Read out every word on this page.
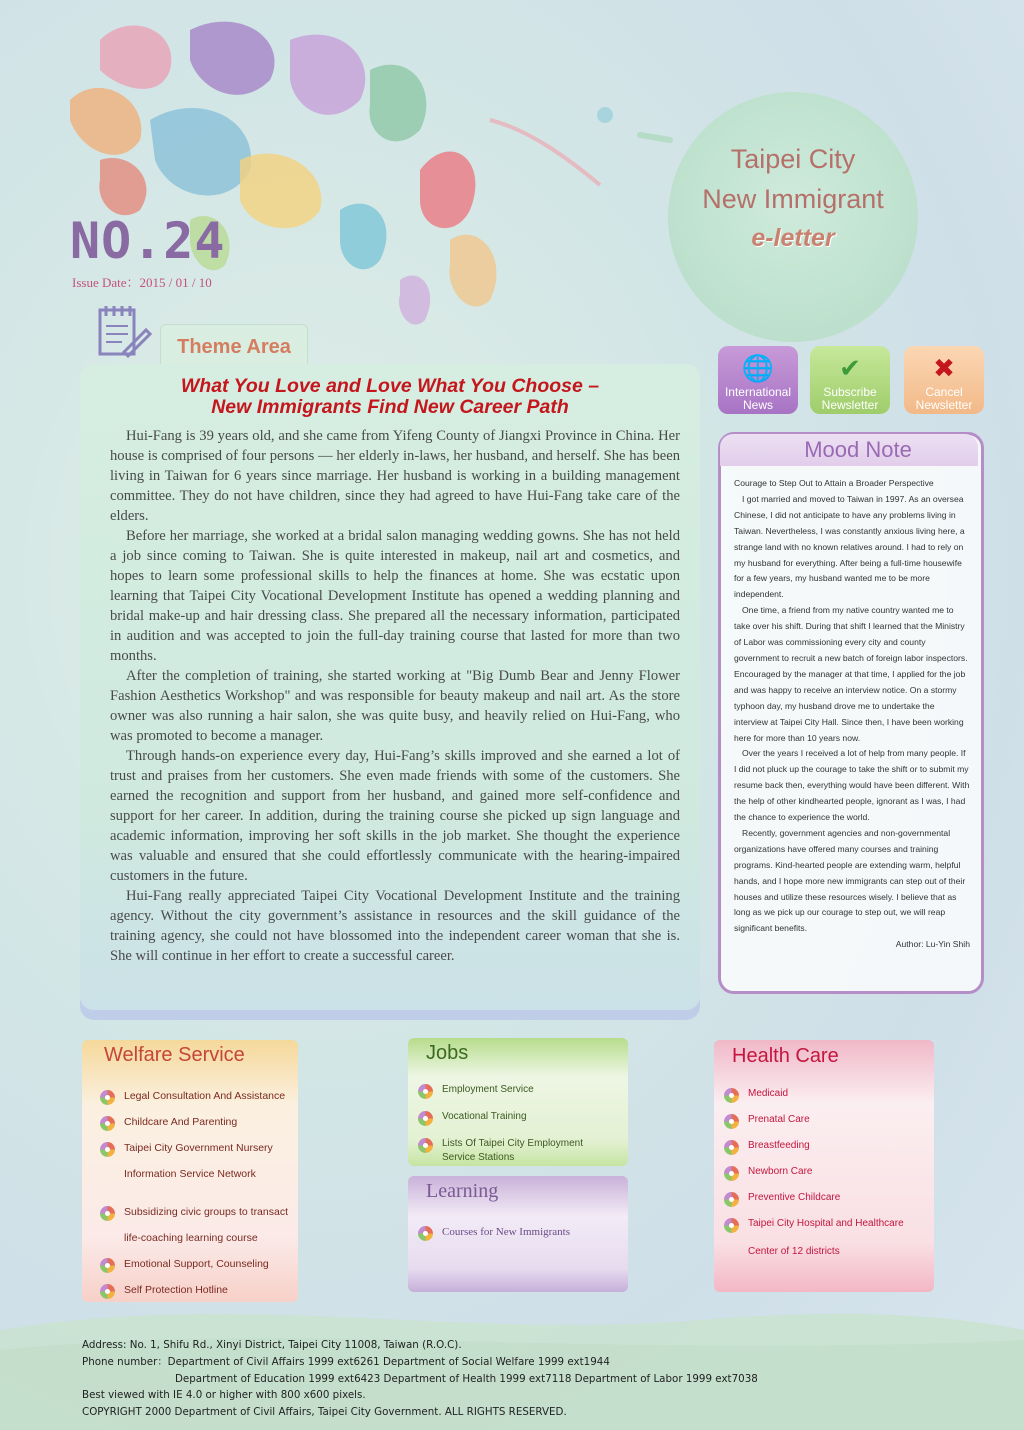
Taipei City
New Immigrant
e-letter
NO.24
Issue Date：2015 / 01 / 10
Theme Area
What You Love and Love What You Choose –
New Immigrants Find New Career Path

Hui-Fang is 39 years old, and she came from Yifeng County of Jiangxi Province in China. Her house is comprised of four persons — her elderly in-laws, her husband, and herself. She has been living in Taiwan for 6 years since marriage. Her husband is working in a building management committee. They do not have children, since they had agreed to have Hui-Fang take care of the elders.

Before her marriage, she worked at a bridal salon managing wedding gowns. She has not held a job since coming to Taiwan. She is quite interested in makeup, nail art and cosmetics, and hopes to learn some professional skills to help the finances at home. She was ecstatic upon learning that Taipei City Vocational Development Institute has opened a wedding planning and bridal make-up and hair dressing class. She prepared all the necessary information, participated in audition and was accepted to join the full-day training course that lasted for more than two months.

After the completion of training, she started working at "Big Dumb Bear and Jenny Flower Fashion Aesthetics Workshop" and was responsible for beauty makeup and nail art. As the store owner was also running a hair salon, she was quite busy, and heavily relied on Hui-Fang, who was promoted to become a manager.

Through hands-on experience every day, Hui-Fang’s skills improved and she earned a lot of trust and praises from her customers. She even made friends with some of the customers. She earned the recognition and support from her husband, and gained more self-confidence and support for her career. In addition, during the training course she picked up sign language and academic information, improving her soft skills in the job market. She thought the experience was valuable and ensured that she could effortlessly communicate with the hearing-impaired customers in the future.

Hui-Fang really appreciated Taipei City Vocational Development Institute and the training agency. Without the city government’s assistance in resources and the skill guidance of the training agency, she could not have blossomed into the independent career woman that she is. She will continue in her effort to create a successful career.

🌐
International
News
✔
Subscribe
Newsletter
✖
Cancel
Newsletter
Mood Note

Courage to Step Out to Attain a Broader Perspective

I got married and moved to Taiwan in 1997. As an oversea Chinese, I did not anticipate to have any problems living in Taiwan. Nevertheless, I was constantly anxious living here, a strange land with no known relatives around. I had to rely on my husband for everything. After being a full-time housewife for a few years, my husband wanted me to be more independent.

One time, a friend from my native country wanted me to take over his shift. During that shift I learned that the Ministry of Labor was commissioning every city and county government to recruit a new batch of foreign labor inspectors. Encouraged by the manager at that time, I applied for the job and was happy to receive an interview notice. On a stormy typhoon day, my husband drove me to undertake the interview at Taipei City Hall. Since then, I have been working here for more than 10 years now.

Over the years I received a lot of help from many people. If I did not pluck up the courage to take the shift or to submit my resume back then, everything would have been different. With the help of other kindhearted people, ignorant as I was, I had the chance to experience the world.

Recently, government agencies and non-governmental organizations have offered many courses and training programs. Kind-hearted people are extending warm, helpful hands, and I hope more new immigrants can step out of their houses and utilize these resources wisely. I believe that as long as we pick up our courage to step out, we will reap significant benefits.

Author: Lu-Yin Shih

Welfare Service
Legal Consultation And Assistance
Childcare And Parenting
Taipei City Government Nursery
Information Service Network
Subsidizing civic groups to transact
life-coaching learning course
Emotional Support, Counseling
Self Protection Hotline
Jobs
Employment Service
Vocational Training
Lists Of Taipei City Employment
Service Stations
Learning
Courses for New Immigrants
Health Care
Medicaid
Prenatal Care
Breastfeeding
Newborn Care
Preventive Childcare
Taipei City Hospital and Healthcare
Center of 12 districts
Address: No. 1, Shifu Rd., Xinyi District, Taipei City 11008, Taiwan (R.O.C).
Phone number：Department of Civil Affairs 1999 ext6261 Department of Social Welfare 1999 ext1944
Department of Education 1999 ext6423 Department of Health 1999 ext7118 Department of Labor 1999 ext7038
Best viewed with IE 4.0 or higher with 800 x600 pixels.
COPYRIGHT 2000 Department of Civil Affairs, Taipei City Government. ALL RIGHTS RESERVED.
